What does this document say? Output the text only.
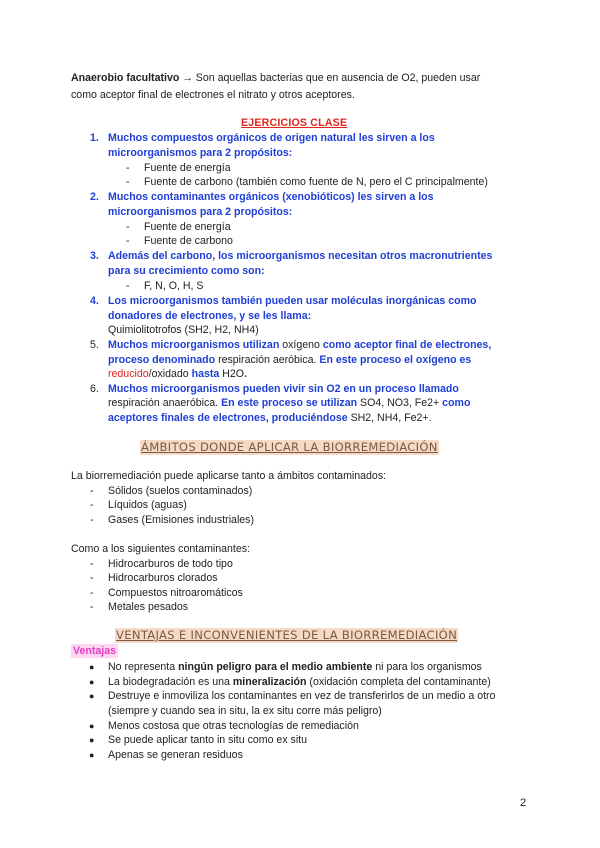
Anaerobio facultativo → Son aquellas bacterias que en ausencia de O2, pueden usar
como aceptor final de electrones el nitrato y otros aceptores.
EJERCICIOS CLASE
1. Muchos compuestos orgánicos de origen natural les sirven a los
microorganismos para 2 propósitos:
- Fuente de energía
- Fuente de carbono (también como fuente de N, pero el C principalmente)
2. Muchos contaminantes orgánicos (xenobióticos) les sirven a los
microorganismos para 2 propósitos:
- Fuente de energía
- Fuente de carbono
3. Además del carbono, los microorganismos necesitan otros macronutrientes
para su crecimiento como son:
- F, N, O, H, S
4. Los microorganismos también pueden usar moléculas inorgánicas como
donadores de electrones, y se les llama:
Quimiolitotrofos (SH2, H2, NH4)
5. Muchos microorganismos utilizan oxígeno como aceptor final de electrones,
proceso denominado respiración aeróbica. En este proceso el oxígeno es
reducido/oxidado hasta H2O.
6. Muchos microorganismos pueden vivir sin O2 en un proceso llamado
respiración anaeróbica. En este proceso se utilizan SO4, NO3, Fe2+ como
aceptores finales de electrones, produciéndose SH2, NH4, Fe2+.
ÁMBITOS DONDE APLICAR LA BIORREMEDIACIÓN
La biorremediación puede aplicarse tanto a ámbitos contaminados:
- Sólidos (suelos contaminados)
- Líquidos (aguas)
- Gases (Emisiones industriales)
Como a los siguientes contaminantes:
- Hidrocarburos de todo tipo
- Hidrocarburos clorados
- Compuestos nitroaromáticos
- Metales pesados
VENTAJAS E INCONVENIENTES DE LA BIORREMEDIACIÓN
Ventajas
● No representa ningún peligro para el medio ambiente ni para los organismos
● La biodegradación es una mineralización (oxidación completa del contaminante)
● Destruye e inmoviliza los contaminantes en vez de transferirlos de un medio a otro
(siempre y cuando sea in situ, la ex situ corre más peligro)
● Menos costosa que otras tecnologías de remediación
● Se puede aplicar tanto in situ como ex situ
● Apenas se generan residuos
2
